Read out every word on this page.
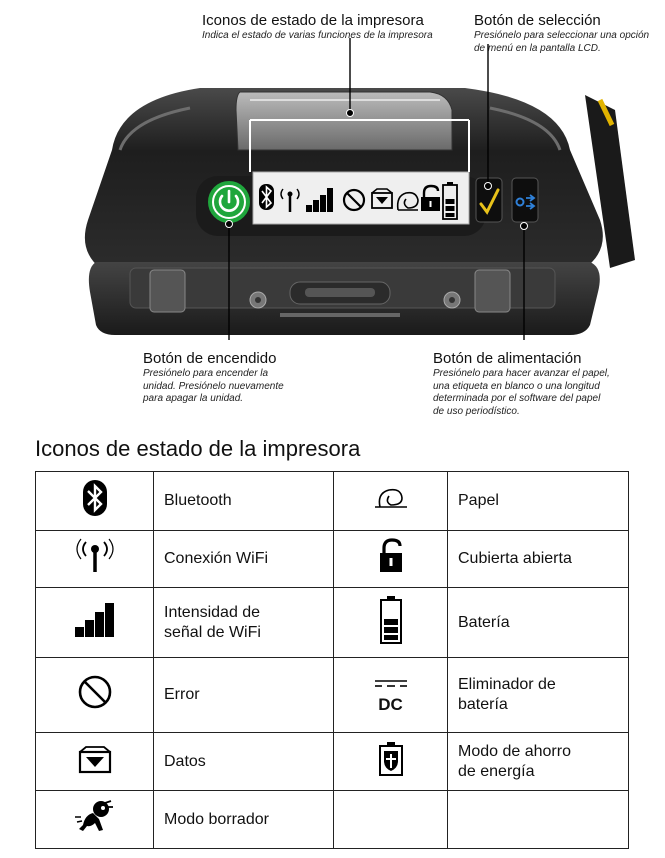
Iconos de estado de la impresora
Indica el estado de varias funciones de la impresora
Botón de selección
Presiónelo para seleccionar una opción
de menú en la pantalla LCD.
Botón de encendido
Presiónelo para encender la
unidad. Presiónelo nuevamente
para apagar la unidad.
Botón de alimentación
Presiónelo para hacer avanzar el papel,
una etiqueta en blanco o una longitud
determinada por el software del papel
de uso periodístico.
Iconos de estado de la impresora
	Bluetooth		Papel
	Conexión WiFi		Cubierta abierta

Intensidad de
señal de WiFi		Batería
	Error	DC	Eliminador de
batería

	Datos		Modo de ahorro
de energía

	Modo borrador		
